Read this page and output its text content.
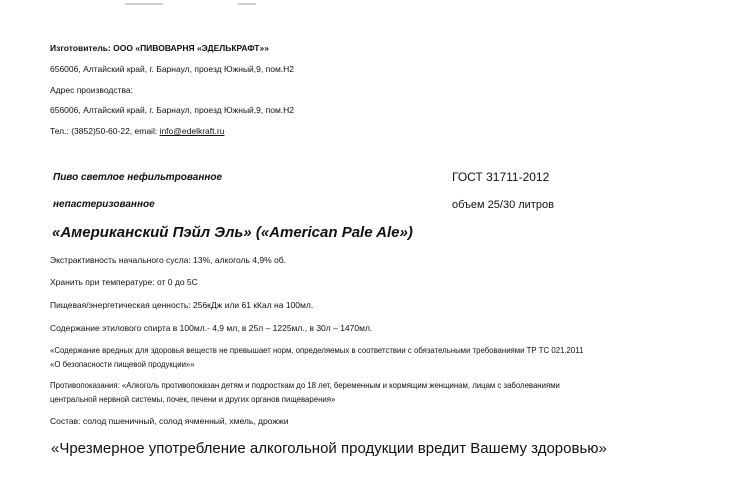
Изготовитель: ООО «ПИВОВАРНЯ «ЭДЕЛЬКРАФТ»»
656006, Алтайский край, г. Барнаул, проезд Южный,9, пом.Н2
Адрес производства:
656006, Алтайский край, г. Барнаул, проезд Южный,9, пом.Н2
Тел.: (3852)50-60-22, email: info@edelkraft.ru
Пиво светлое нефильтрованное
непастеризованное
ГОСТ 31711-2012
объем 25/30 литров
«Американский Пэйл Эль» («American Pale Ale»)
Экстрактивность начального сусла: 13%, алкоголь 4,9% об.
Хранить при температуре: от 0 до 5С
Пищевая/энергетическая ценность: 256кДж или 61 кКал на 100мл.
Содержание этилового спирта в 100мл.- 4,9 мл, в 25л – 1225мл., в 30л – 1470мл.
«Содержание вредных для здоровья веществ не превышает норм, определяемых в соответствии с обязательными требованиями ТР ТС 021.2011
«О безопасности пищевой продукции»»
Противопоказания: «Алкоголь противопоказан детям и подросткам до 18 лет, беременным и кормящим женщинам, лицам с заболеваниями
центральной нервной системы, почек, печени и других органов пищеварения»
Состав: солод пшеничный, солод ячменный, хмель, дрожжи
«Чрезмерное употребление алкогольной продукции вредит Вашему здоровью»
